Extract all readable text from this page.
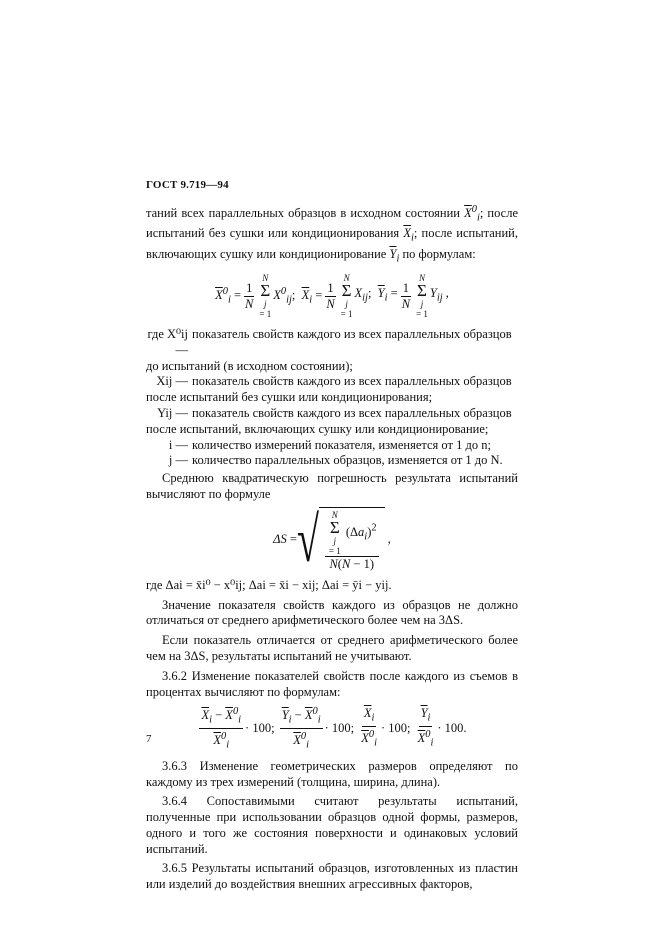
ГОСТ 9.719—94

таний всех параллельных образцов в исходном состоянии $\overline{X}^0_i$; после испытаний без сушки или кондиционирования $\overline{X}_i$; после испытаний, включающих сушку или кондиционирование $\overline{Y}_i$ по формулам:

$\overline{X}^0_i = \frac{1}{N}$
N
Σ
j
= 1
$X^0_{ij}$;  $\overline{X}_i = \frac{1}{N}$
N
Σ
j
= 1
$X_{ij}$;  $\overline{Y}_i = \frac{1}{N}$
N
Σ
j
= 1
$Y_{ij}$ ,
где X⁰ij —
показатель свойств каждого из всех параллельных образцов
до испытаний (в исходном состоянии);
Xij — показатель свойств каждого из всех параллельных образцов
после испытаний без сушки или кондиционирования;
Yij — показатель свойств каждого из всех параллельных образцов
после испытаний, включающих сушку или кондиционирование;
i — количество измерений показателя, изменяется от 1 до n;
j — количество параллельных образцов, изменяется от 1 до N.

Среднюю квадратическую погрешность результата испытаний вычисляют по формуле

ΔS = √ N
Σ
j
= 1 $(\Delta a_i)^2$
N(N − 1) ,

где Δai = x̄i⁰ − x⁰ij; Δai = x̄i − xij; Δai = ȳi − yij.

Значение показателя свойств каждого из образцов не должно отличаться от среднего арифметического более чем на 3ΔS.

Если показатель отличается от среднего арифметического более чем на 3ΔS, результаты испытаний не учитывают.

3.6.2 Изменение показателей свойств после каждого из съемов в процентах вычисляют по формулам:

$\frac{\overline{X}_i - \overline{X}^0_i}{\overline{X}^0_i} \cdot 100$; $\frac{\overline{Y}_i - \overline{X}^0_i}{\overline{X}^0_i} \cdot 100$; $\frac{\overline{X}_i}{\overline{X}^0_i} \cdot 100$; $\frac{\overline{Y}_i}{\overline{X}^0_i} \cdot 100$.

3.6.3 Изменение геометрических размеров определяют по каждому из трех измерений (толщина, ширина, длина).

3.6.4 Сопоставимыми считают результаты испытаний, полученные при использовании образцов одной формы, размеров, одного и того же состояния поверхности и одинаковых условий испытаний.

3.6.5 Результаты испытаний образцов, изготовленных из пластин или изделий до воздействия внешних агрессивных факторов,

7
